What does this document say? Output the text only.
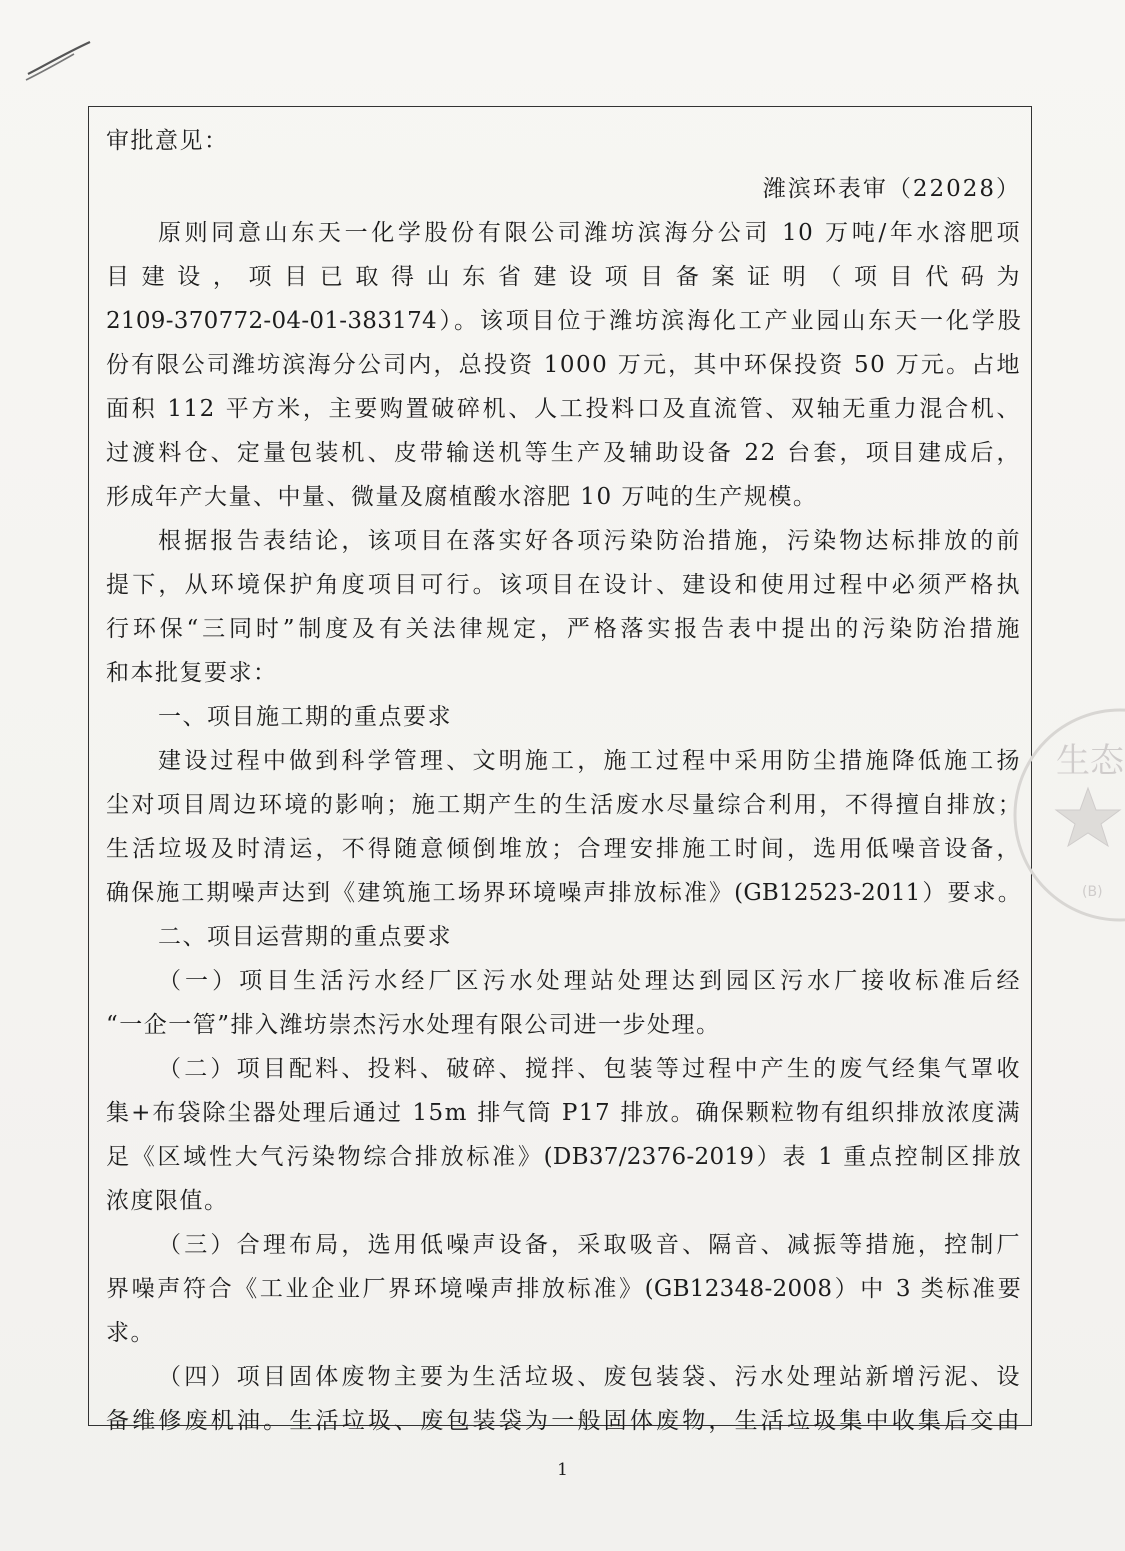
审批意见：
潍滨环表审（22028）
原则同意山东天一化学股份有限公司潍坊滨海分公司 10 万吨/年水溶肥项
目建设，项目已取得山东省建设项目备案证明（项目代码为
2109-370772-04-01-383174）。该项目位于潍坊滨海化工产业园山东天一化学股
份有限公司潍坊滨海分公司内，总投资 1000 万元，其中环保投资 50 万元。占地
面积 112 平方米，主要购置破碎机、人工投料口及直流管、双轴无重力混合机、
过渡料仓、定量包装机、皮带输送机等生产及辅助设备 22 台套，项目建成后，
形成年产大量、中量、微量及腐植酸水溶肥 10 万吨的生产规模。
根据报告表结论，该项目在落实好各项污染防治措施，污染物达标排放的前
提下，从环境保护角度项目可行。该项目在设计、建设和使用过程中必须严格执
行环保“三同时”制度及有关法律规定，严格落实报告表中提出的污染防治措施
和本批复要求：
一、项目施工期的重点要求
建设过程中做到科学管理、文明施工，施工过程中采用防尘措施降低施工扬
尘对项目周边环境的影响；施工期产生的生活废水尽量综合利用，不得擅自排放；
生活垃圾及时清运，不得随意倾倒堆放；合理安排施工时间，选用低噪音设备，
确保施工期噪声达到《建筑施工场界环境噪声排放标准》(GB12523-2011）要求。
二、项目运营期的重点要求
（一）项目生活污水经厂区污水处理站处理达到园区污水厂接收标准后经
“一企一管”排入潍坊崇杰污水处理有限公司进一步处理。
（二）项目配料、投料、破碎、搅拌、包装等过程中产生的废气经集气罩收
集+布袋除尘器处理后通过 15m 排气筒 P17 排放。确保颗粒物有组织排放浓度满
足《区域性大气污染物综合排放标准》(DB37/2376-2019）表 1 重点控制区排放
浓度限值。
（三）合理布局，选用低噪声设备，采取吸音、隔音、减振等措施，控制厂
界噪声符合《工业企业厂界环境噪声排放标准》(GB12348-2008）中 3 类标准要
求。
（四）项目固体废物主要为生活垃圾、废包装袋、污水处理站新增污泥、设
备维修废机油。生活垃圾、废包装袋为一般固体废物，生活垃圾集中收集后交由
生态
(B)
1
